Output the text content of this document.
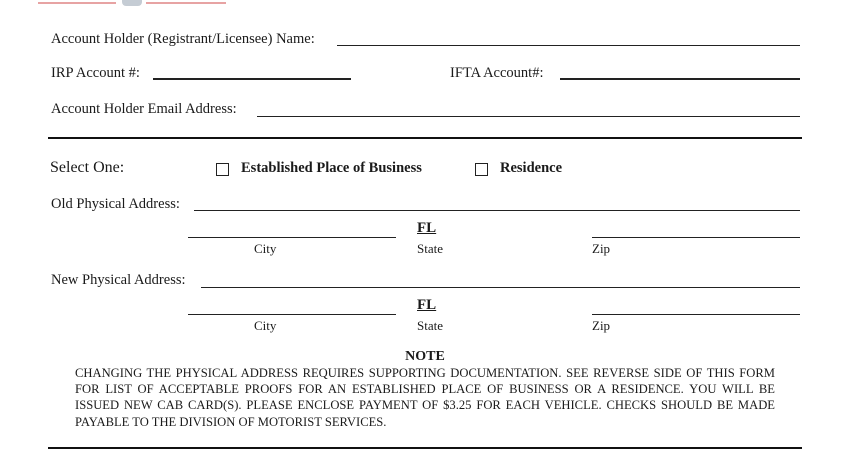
Account Holder (Registrant/Licensee) Name:
IRP Account #:	IFTA Account#:
Account Holder Email Address:
Select One:	Established Place of Business	Residence
Old Physical Address:
FL
City	State	Zip
New Physical Address:
FL
City	State	Zip
NOTE
CHANGING THE PHYSICAL ADDRESS REQUIRES SUPPORTING DOCUMENTATION. SEE REVERSE SIDE OF THIS FORM FOR LIST OF ACCEPTABLE PROOFS FOR AN ESTABLISHED PLACE OF BUSINESS OR A RESIDENCE. YOU WILL BE ISSUED NEW CAB CARD(S). PLEASE ENCLOSE PAYMENT OF $3.25 FOR EACH VEHICLE. CHECKS SHOULD BE MADE PAYABLE TO THE DIVISION OF MOTORIST SERVICES.
